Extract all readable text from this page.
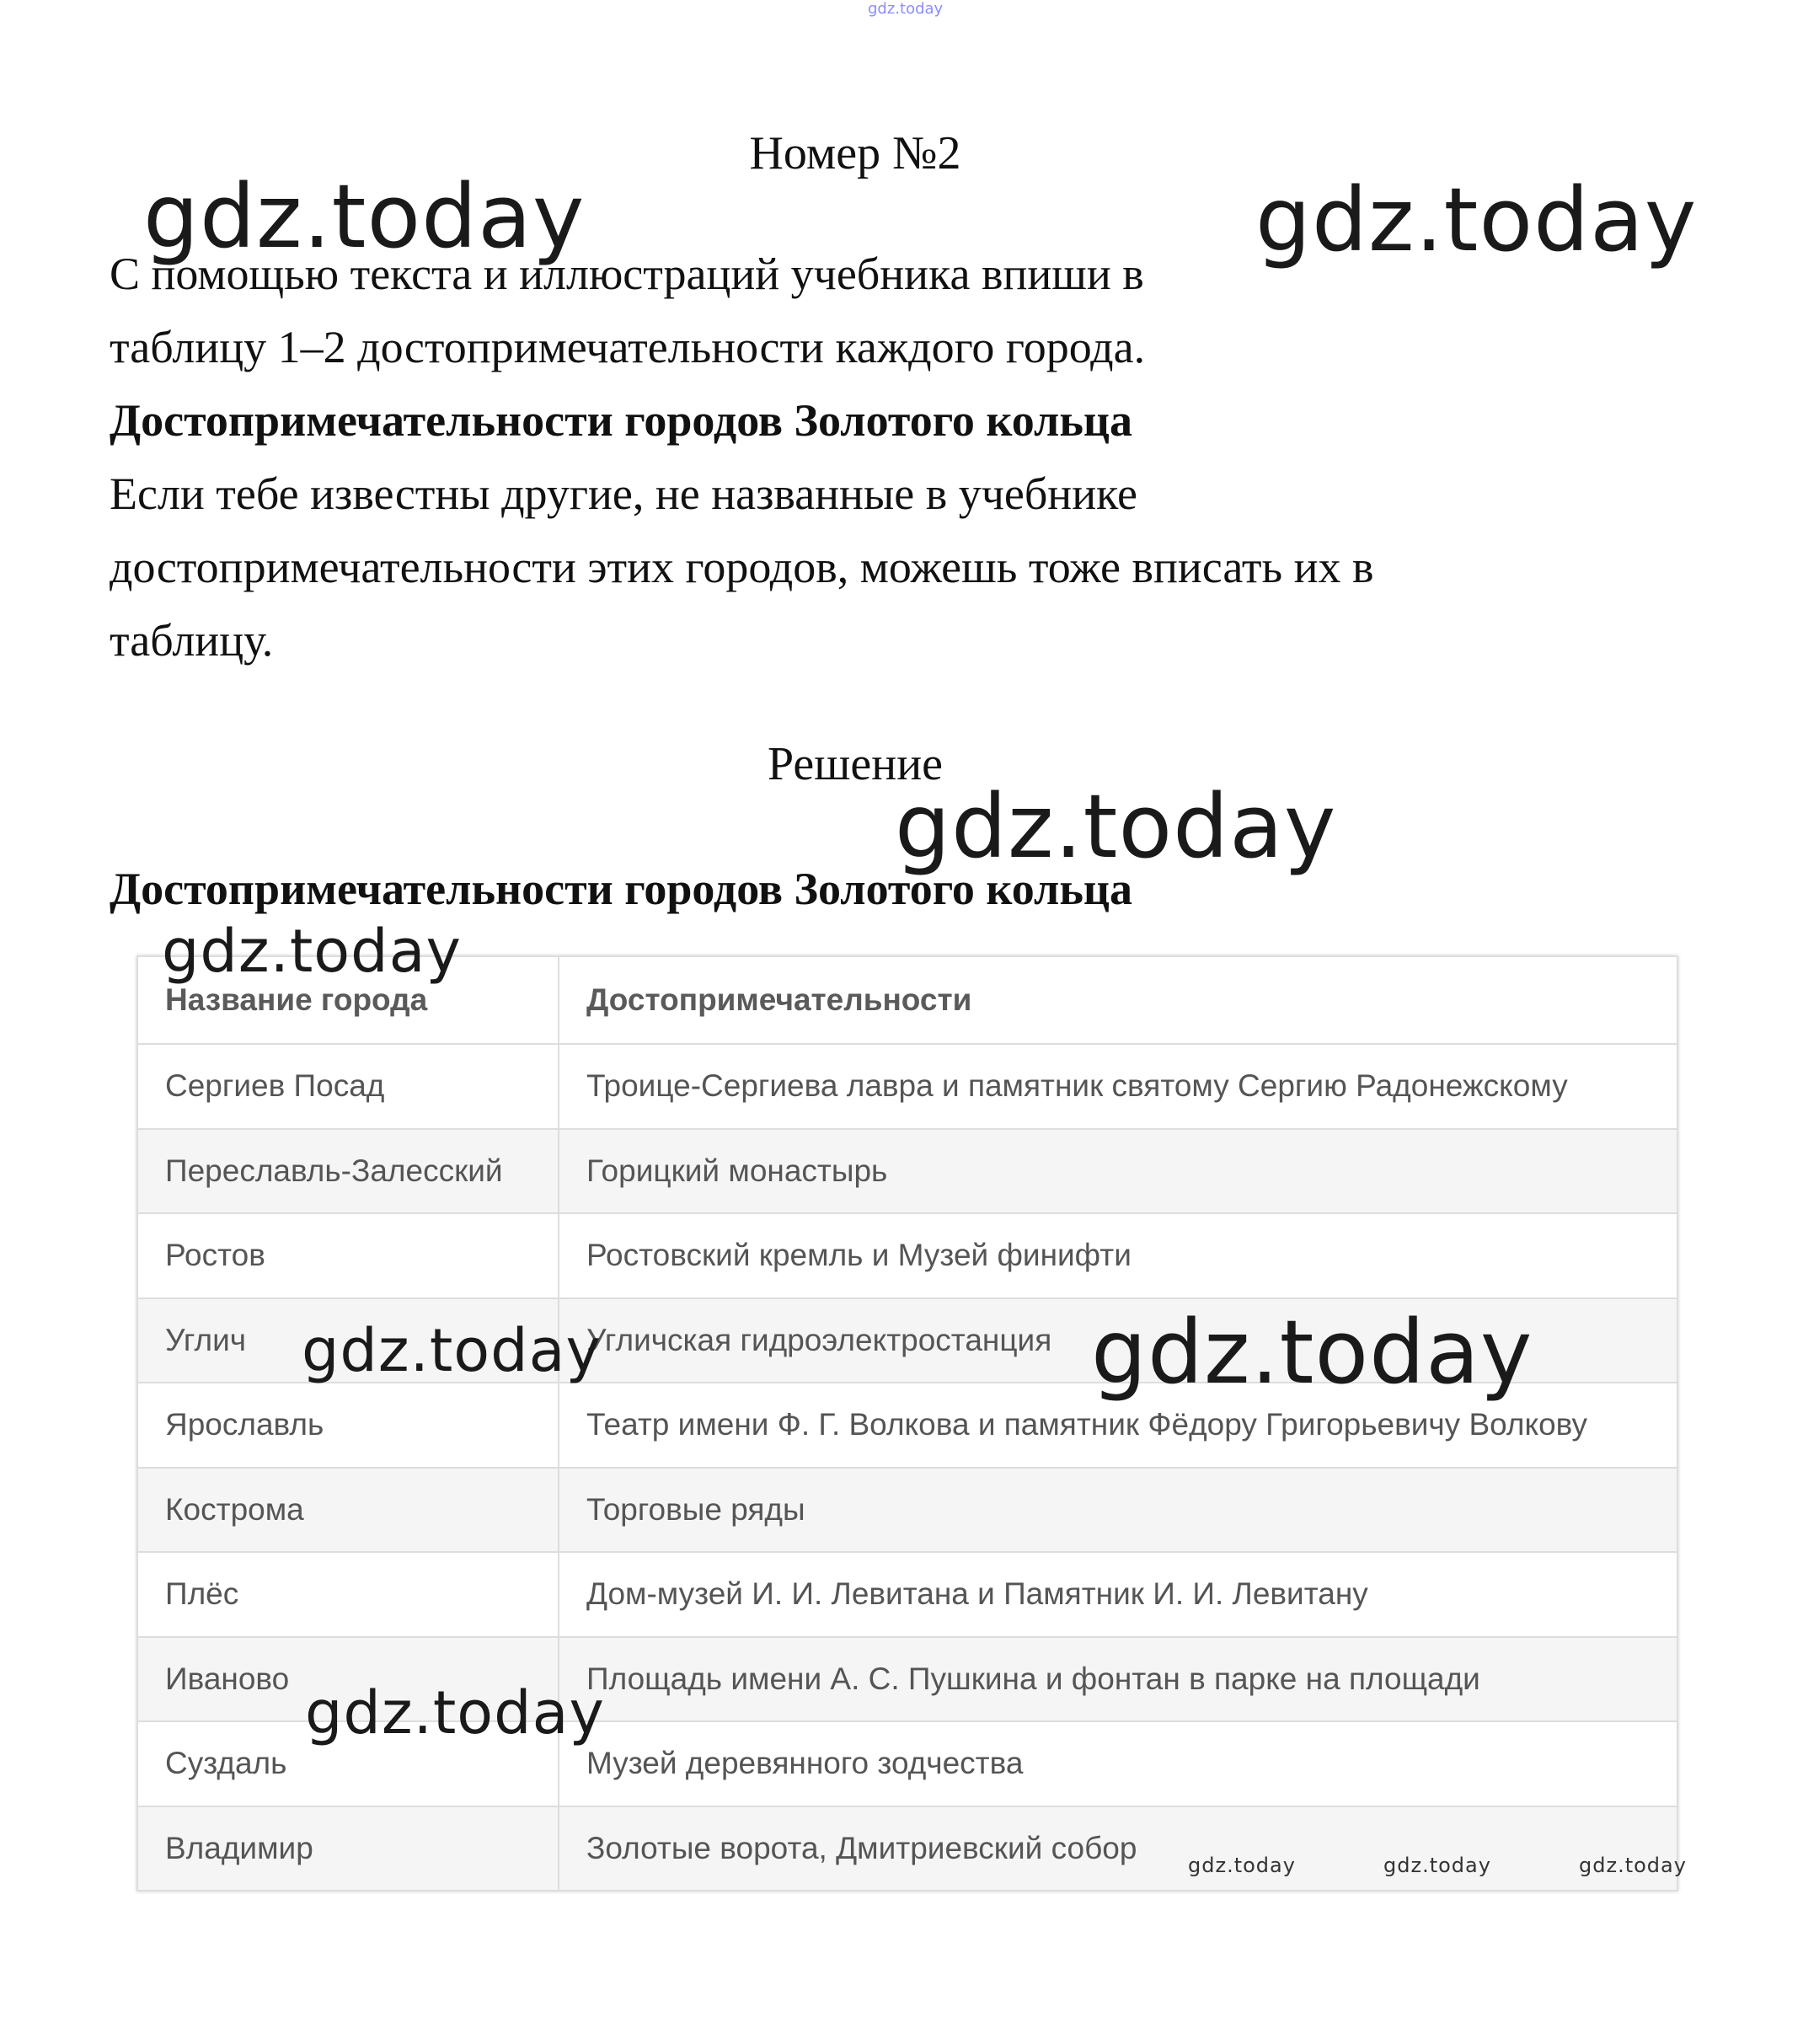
gdz.today
Номер №2
С помощью текста и иллюстраций учебника впиши в
таблицу 1–2 достопримечательности каждого города.
Достопримечательности городов Золотого кольца
Если тебе известны другие, не названные в учебнике
достопримечательности этих городов, можешь тоже вписать их в
таблицу.
Решение
Достопримечательности городов Золотого кольца
Название города	Достопримечательности
Сергиев Посад	Троице-Сергиева лавра и памятник святому Сергию Радонежскому
Переславль-Залесский	Горицкий монастырь
Ростов	Ростовский кремль и Музей финифти
Углич	Угличская гидроэлектростанция
Ярославль	Театр имени Ф. Г. Волкова и памятник Фёдору Григорьевичу Волкову
Кострома	Торговые ряды
Плёс	Дом-музей И. И. Левитана и Памятник И. И. Левитану
Иваново	Площадь имени А. С. Пушкина и фонтан в парке на площади
Суздаль	Музей деревянного зодчества
Владимир	Золотые ворота, Дмитриевский собор
gdz.today	gdz.today
gdz.today
gdz.today
gdz.today	gdz.today
gdz.today
gdz.today	gdz.today	gdz.today
